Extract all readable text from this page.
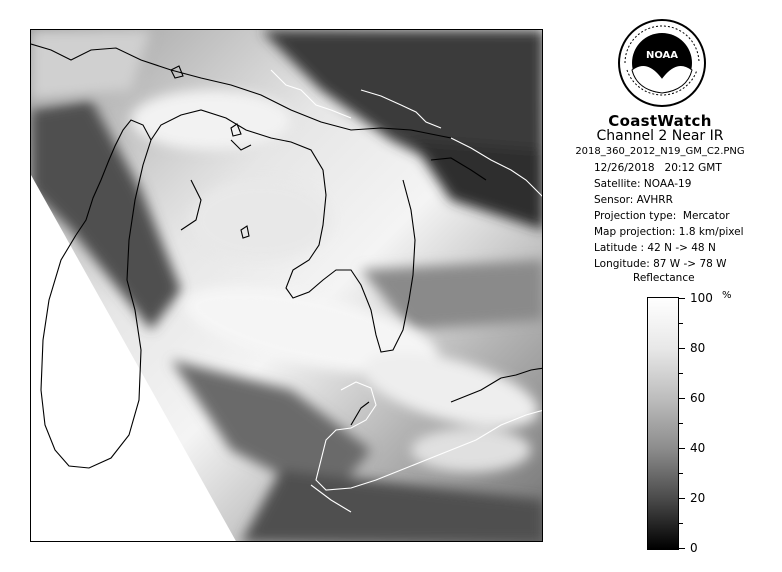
NOAA
CoastWatch
Channel 2 Near IR
2018_360_2012_N19_GM_C2.PNG
12/26/2018 20:12 GMT
Satellite: NOAA-19
Sensor: AVHRR
Projection type:  Mercator
Map projection: 1.8 km/pixel
Latitude : 42 N -> 48 N
Longitude: 87 W -> 78 W
Reflectance
%
100
80
60
40
20
0
